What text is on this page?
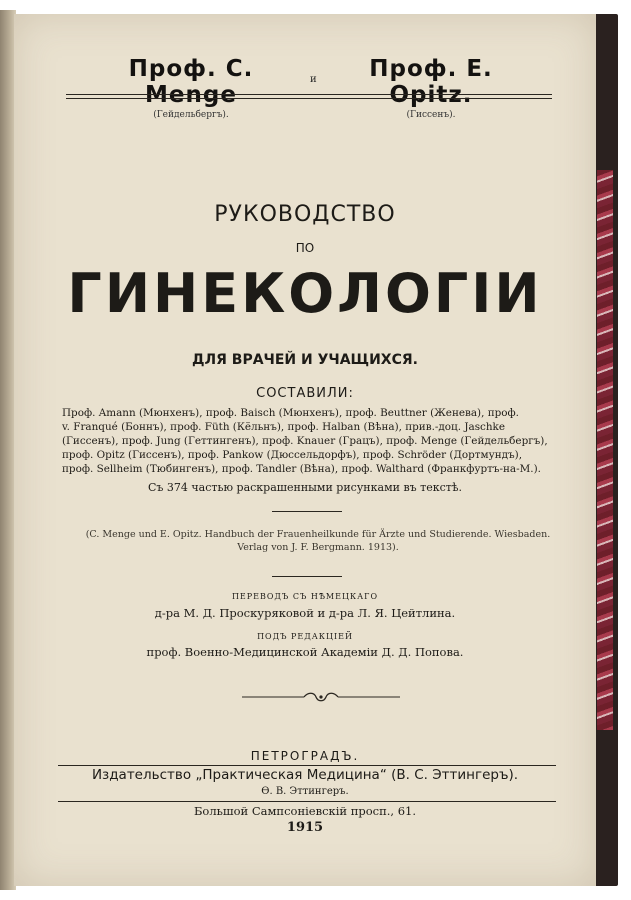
Проф. C. Menge
(Гейдельбергъ).
и	Проф. E. Opitz.
(Гиссенъ).
РУКОВОДСТВО
ПО
ГИНЕКОЛОГIИ
ДЛЯ ВРАЧЕЙ И УЧАЩИХСЯ.
СОСТАВИЛИ:
Проф. Amann (Мюнхенъ), проф. Baisch (Мюнхенъ), проф. Beuttner (Женева), проф.
v. Franqué (Боннъ), проф. Füth (Кёльнъ), проф. Halban (Вѣна), прив.-доц. Jaschke
(Гиссенъ), проф. Jung (Геттингенъ), проф. Knauer (Грацъ), проф. Menge (Гейдельбергъ),
проф. Opitz (Гиссенъ), проф. Pankow (Дюссельдорфъ), проф. Schröder (Дортмундъ),
проф. Sellheim (Тюбингенъ), проф. Tandler (Вѣна), проф. Walthard (Франкфуртъ-на-М.).
Съ 374 частью раскрашенными рисунками въ текстѣ.
(C. Menge und E. Opitz. Handbuch der Frauenheilkunde für Ärzte und Studierende. Wiesbaden. Verlag von J. F. Bergmann. 1913).
ПЕРЕВОДЪ СЪ НѢМЕЦКАГО
д-ра М. Д. Проскуряковой и д-ра Л. Я. Цейтлина.
ПОДЪ РЕДАКЦIЕЙ
проф. Военно-Медицинской Академiи Д. Д. Попова.
ПЕТРОГРАДЪ.
Издательство „Практическая Медицина“ (В. С. Эттингеръ).
Ѳ. В. Эттингеръ.
Большой Сампсонiевскiй просп., 61.
1915
